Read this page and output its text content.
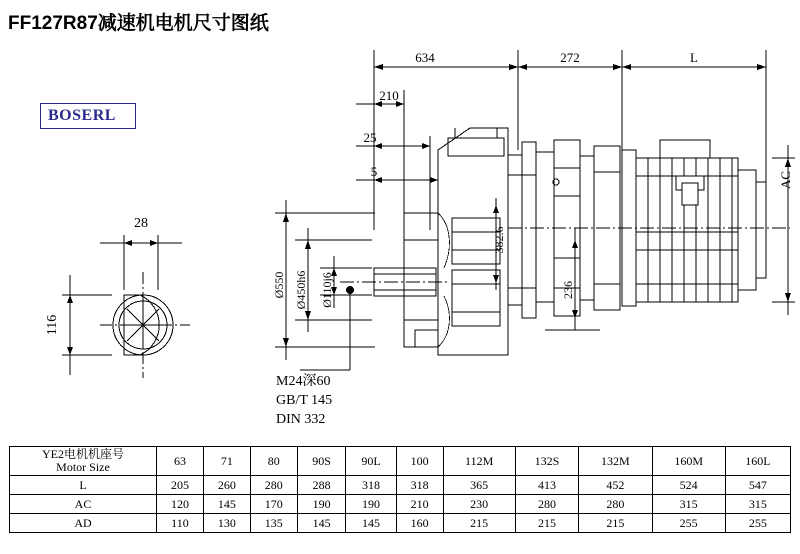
FF127R87减速机电机尺寸图纸
BOSERL
634	272	L
210
25
5	AC
382.6
236
Ø550 Ø450h6 Ø110j6
28
116
M24深60
GB/T 145
DIN 332
YE2电机机座号
Motor Size	63	71	80	90S	90L	100	112M	132S	132M	160M	160L
L	205	260	280	288	318	318	365	413	452	524	547
AC	120	145	170	190	190	210	230	280	280	315	315
AD	110	130	135	145	145	160	215	215	215	255	255
